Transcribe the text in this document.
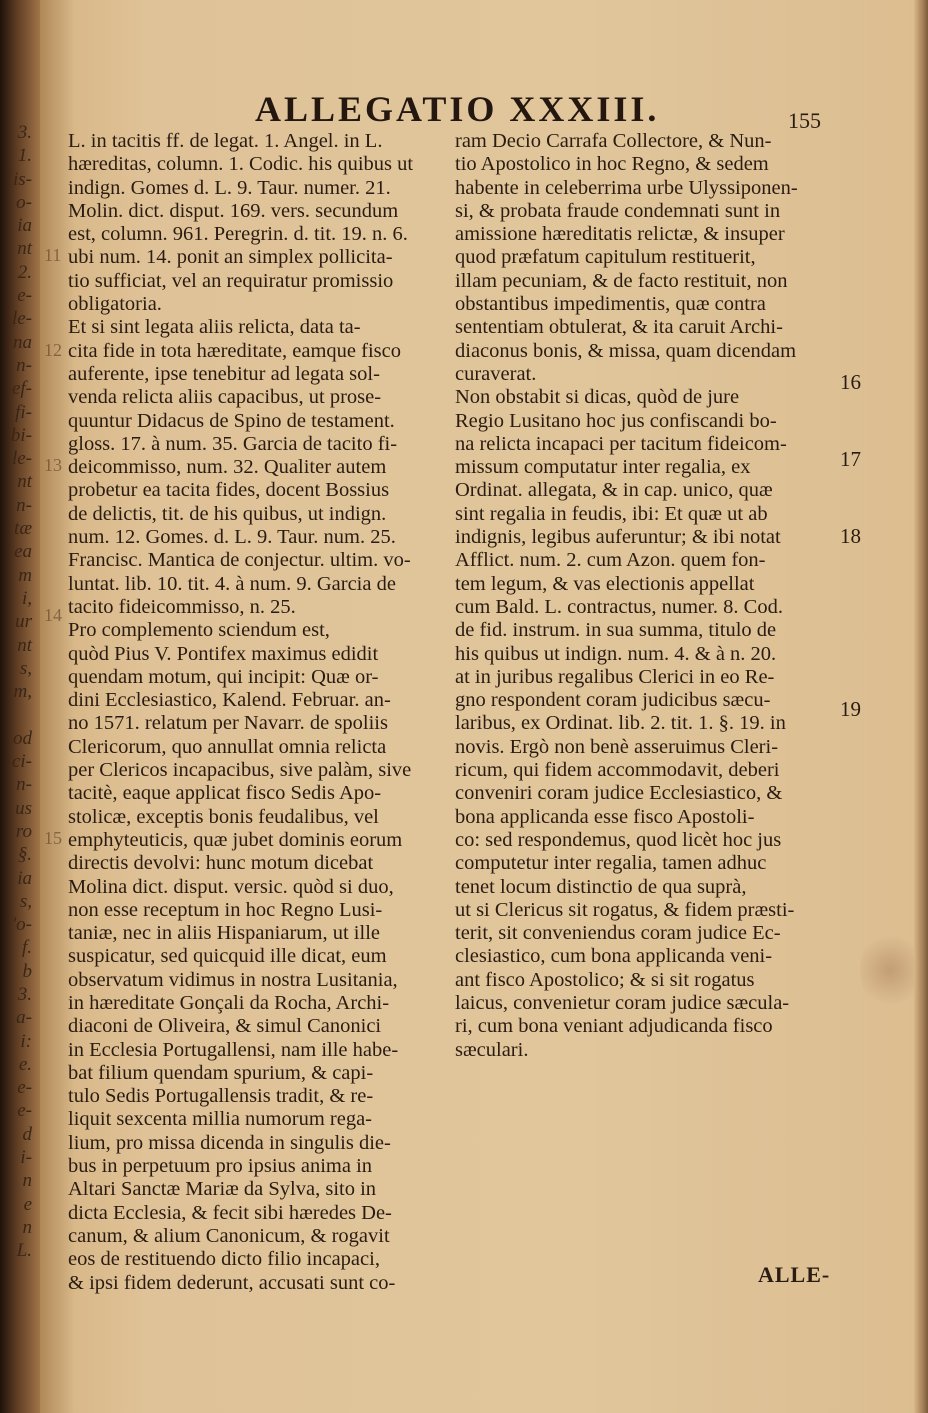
3.
1.
is-
o-
ia
nt
2.
e-
le-
na
n-
ef-
fi-
bi-
le-
nt
n-
tæ
ea
m
i,
ur
nt
s,
m,
od
ci-
n-
us
ro
§.
ia
s,
'o-
f.
b
3.
a-
i:
e.
e-
e-
d
i-
n
e
n
L.
ALLEGATIO XXXIII.	155
L. in tacitis ff. de legat. 1. Angel. in L.
hæreditas, column. 1. Codic. his quibus ut
indign. Gomes d. L. 9. Taur. numer. 21.
Molin. dict. disput. 169. vers. secundum
est, column. 961. Peregrin. d. tit. 19. n. 6.
ubi num. 14. ponit an simplex pollicita-
tio sufficiat, vel an requiratur promissio
obligatoria.
Et si sint legata aliis relicta, data ta-
cita fide in tota hæreditate, eamque fisco
auferente, ipse tenebitur ad legata sol-
venda relicta aliis capacibus, ut prose-
quuntur Didacus de Spino de testament.
gloss. 17. à num. 35. Garcia de tacito fi-
deicommisso, num. 32. Qualiter autem
probetur ea tacita fides, docent Bossius
de delictis, tit. de his quibus, ut indign.
num. 12. Gomes. d. L. 9. Taur. num. 25.
Francisc. Mantica de conjectur. ultim. vo-
luntat. lib. 10. tit. 4. à num. 9. Garcia de
tacito fideicommisso, n. 25.
Pro complemento sciendum est,
quòd Pius V. Pontifex maximus edidit
quendam motum, qui incipit: Quæ or-
dini Ecclesiastico, Kalend. Februar. an-
no 1571. relatum per Navarr. de spoliis
Clericorum, quo annullat omnia relicta
per Clericos incapacibus, sive palàm, sive
tacitè, eaque applicat fisco Sedis Apo-
stolicæ, exceptis bonis feudalibus, vel
emphyteuticis, quæ jubet dominis eorum
directis devolvi: hunc motum dicebat
Molina dict. disput. versic. quòd si duo,
non esse receptum in hoc Regno Lusi-
taniæ, nec in aliis Hispaniarum, ut ille
suspicatur, sed quicquid ille dicat, eum
observatum vidimus in nostra Lusitania,
in hæreditate Gonçali da Rocha, Archi-
diaconi de Oliveira, & simul Canonici
in Ecclesia Portugallensi, nam ille habe-
bat filium quendam spurium, & capi-
tulo Sedis Portugallensis tradit, & re-
liquit sexcenta millia numorum rega-
lium, pro missa dicenda in singulis die-
bus in perpetuum pro ipsius anima in
Altari Sanctæ Mariæ da Sylva, sito in
dicta Ecclesia, & fecit sibi hæredes De-
canum, & alium Canonicum, & rogavit
eos de restituendo dicto filio incapaci,
& ipsi fidem dederunt, accusati sunt co-
ram Decio Carrafa Collectore, & Nun-
tio Apostolico in hoc Regno, & sedem
habente in celeberrima urbe Ulyssiponen-
si, & probata fraude condemnati sunt in
amissione hæreditatis relictæ, & insuper
quod præfatum capitulum restituerit,
illam pecuniam, & de facto restituit, non
obstantibus impedimentis, quæ contra
sententiam obtulerat, & ita caruit Archi-
diaconus bonis, & missa, quam dicendam
curaverat.
Non obstabit si dicas, quòd de jure
Regio Lusitano hoc jus confiscandi bo-
na relicta incapaci per tacitum fideicom-
missum computatur inter regalia, ex
Ordinat. allegata, & in cap. unico, quæ
sint regalia in feudis, ibi: Et quæ ut ab
indignis, legibus auferuntur; & ibi notat
Afflict. num. 2. cum Azon. quem fon-
tem legum, & vas electionis appellat
cum Bald. L. contractus, numer. 8. Cod.
de fid. instrum. in sua summa, titulo de
his quibus ut indign. num. 4. & à n. 20.
at in juribus regalibus Clerici in eo Re-
gno respondent coram judicibus sæcu-
laribus, ex Ordinat. lib. 2. tit. 1. §. 19. in
novis. Ergò non benè asseruimus Cleri-
ricum, qui fidem accommodavit, deberi
conveniri coram judice Ecclesiastico, &
bona applicanda esse fisco Apostoli-
co: sed respondemus, quod licèt hoc jus
computetur inter regalia, tamen adhuc
tenet locum distinctio de qua suprà,
ut si Clericus sit rogatus, & fidem præsti-
terit, sit conveniendus coram judice Ec-
clesiastico, cum bona applicanda veni-
ant fisco Apostolico; & si sit rogatus
laicus, convenietur coram judice sæcula-
ri, cum bona veniant adjudicanda fisco
sæculari.
16
17
18
19
11
12
13
14
15
ALLE-
